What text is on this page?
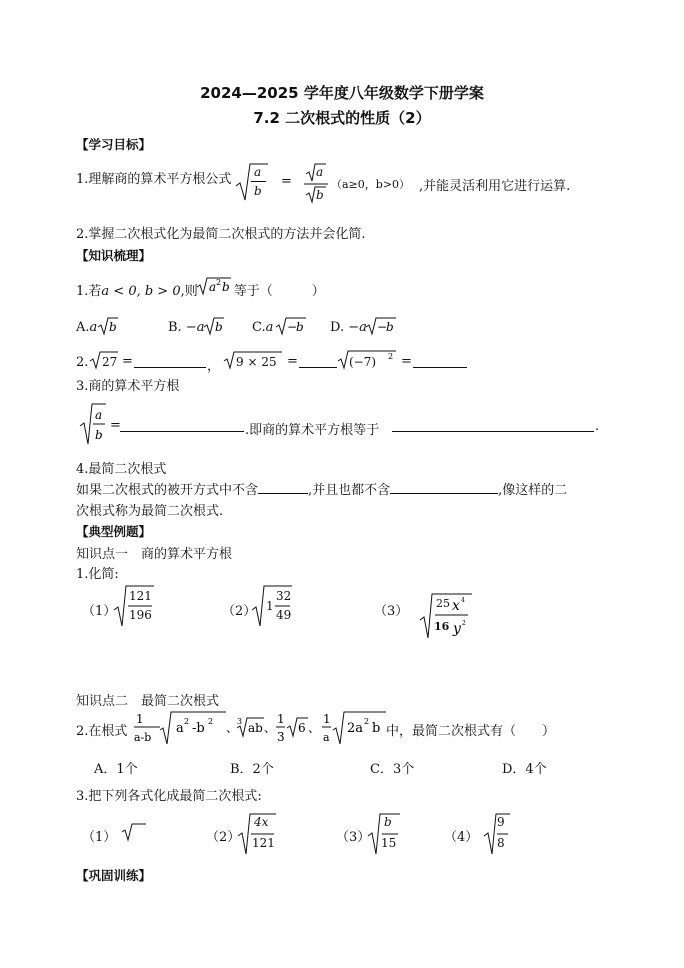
2024—2025 学年度八年级数学下册学案
7.2 二次根式的性质（2）
【学习目标】
1.理解商的算术平方根公式 a
b
=
a
b
（a≥0，b>0） ,并能灵活利用它进行运算.
2.掌握二次根式化为最简二次根式的方法并会化简.
【知识梳理】
1.若a < 0, b > 0,则	等于（　　　）
a 2 b
A.a b	B. −a b C.a −
b D. −a −
b
2. 27 =	， 9 × 25 =	2
(−7) =
3.商的算术平方根
a
b
=	.即商的算术平方根等于	.
4.最简二次根式
如果二次根式的被开方式中不含	,并且也都不含	,像这样的二
次根式称为最简二次根式.
【典型例题】
知识点一　商的算术平方根
1.化简:
（1）
121
196	（2） 1
32
49	（3）	x 4
y 2
25
16
知识点二　最简二次根式
2.在根式
1
a-b
a 2 -b 2 、
3 ab 、
1
3
6 、
1
a
2a 2 b 中，最简二次根式有（　　）
A．1个	B．2个	C．3个	D．4个
3.把下列各式化成最简二次根式:
（1）	（2）
4x
121	（3）
b
15	（4）
9
8
【巩固训练】
